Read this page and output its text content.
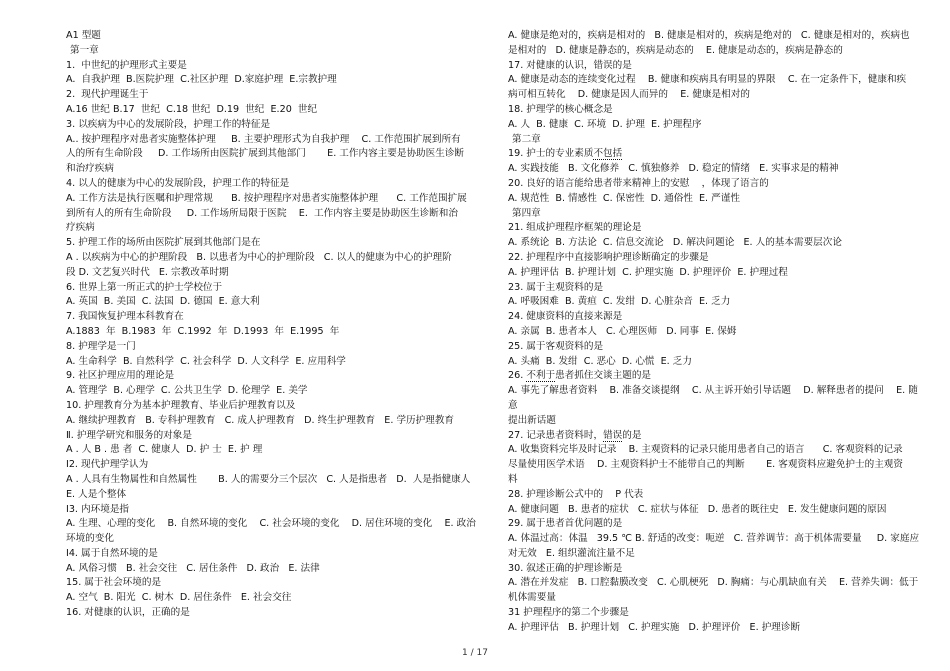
A1 型题
第一章
1.  中世纪的护理形式主要是
A.  自我护理  B.医院护理  C.社区护理  D.家庭护理  E.宗教护理
2.  现代护理诞生于
A.16 世纪 B.17  世纪  C.18 世纪  D.19  世纪  E.20  世纪
3. 以疾病为中心的发展阶段，护理工作的特征是
A.. 按护理程序对患者实施整体护理     B. 主要护理形式为自我护理    C. 工作范围扩展到所有
人的所有生命阶段     D. 工作场所由医院扩展到其他部门       E. 工作内容主要是协助医生诊断
和治疗疾病
4. 以人的健康为中心的发展阶段，护理工作的特征是
A. 工作方法是执行医嘱和护理常规      B. 按护理程序对患者实施整体护理      C. 工作范围扩展
到所有人的所有生命阶段     D. 工作场所局限于医院    E.  工作内容主要是协助医生诊断和治
疗疾病
5. 护理工作的场所由医院扩展到其他部门是在
A . 以疾病为中心的护理阶段   B. 以患者为中心的护理阶段   C. 以人的健康为中心的护理阶
段 D. 文艺复兴时代   E. 宗教改革时期
6. 世界上第一所正式的护士学校位于
A. 英国  B. 美国  C. 法国  D. 德国  E. 意大利
7. 我国恢复护理本科教育在
A.1883  年  B.1983  年  C.1992  年  D.1993  年  E.1995  年
8. 护理学是一门
A. 生命科学  B. 自然科学  C. 社会科学  D. 人文科学  E. 应用科学
9. 社区护理应用的理论是
A. 管理学  B. 心理学  C. 公共卫生学  D. 伦理学  E. 美学
10. 护理教育分为基本护理教育、毕业后护理教育以及
A. 继续护理教育   B. 专科护理教育   C. 成人护理教育   D. 终生护理教育   E. 学历护理教育
Ⅱ. 护理学研究和服务的对象是
A . 人 B . 患 者  C. 健康人  D. 护 士  E. 护 理
Ⅰ2. 现代护理学认为
A . 人具有生物属性和自然属性       B. 人的需要分三个层次   C. 人是指患者   D.  人是指健康人
E. 人是个整体
Ⅰ3. 内环境是指
A. 生理、心理的变化    B. 自然环境的变化    C. 社会环境的变化    D. 居住环境的变化    E. 政治
环境的变化
Ⅰ4. 属于自然环境的是
A. 风俗习惯   B. 社会交往   C. 居住条件   D. 政治   E. 法律
15. 属于社会环境的是
A. 空气  B. 阳光  C. 树木  D. 居住条件   E. 社会交往
16. 对健康的认识，正确的是
A. 健康是绝对的，疾病是相对的   B. 健康是相对的，疾病是绝对的   C. 健康是相对的，疾病也
是相对的   D. 健康是静态的，疾病是动态的    E. 健康是动态的，疾病是静态的
17. 对健康的认识，错误的是
A. 健康是动态的连续变化过程    B. 健康和疾病具有明显的界限    C. 在一定条件下，健康和疾
病可相互转化    D. 健康是因人而异的    E. 健康是相对的
18. 护理学的核心概念是
A. 人  B. 健康  C. 环境  D. 护理  E. 护理程序
第二章
19. 护士的专业素质不包括
A. 实践技能   B. 文化修养   C. 慎独修养   D. 稳定的情绪   E. 实事求是的精神
20. 良好的语言能给患者带来精神上的安慰    ，体现了语言的
A. 规范性  B. 情感性  C. 保密性  D. 通俗性  E. 严谨性
第四章
21. 组成护理程序框架的理论是
A. 系统论  B. 方法论  C. 信息交流论   D. 解决问题论   E. 人的基本需要层次论
22. 护理程序中直接影响护理诊断确定的步骤是
A. 护理评估  B. 护理计划  C. 护理实施  D. 护理评价  E. 护理过程
23. 属于主观资料的是
A. 呼吸困难  B. 黄疸  C. 发绀  D. 心脏杂音  E. 乏力
24. 健康资料的直接来源是
A. 亲属  B. 患者本人   C. 心理医师   D. 同事  E. 保姆
25. 属于客观资料的是
A. 头痛  B. 发绀  C. 恶心  D. 心慌  E. 乏力
26. 不利于患者抓住交谈主题的是
A. 事先了解患者资料    B. 准备交谈提纲    C. 从主诉开始引导话题    D. 解释患者的提问    E. 随意
提出新话题
27. 记录患者资料时，错误的是
A. 收集资料完毕及时记录    B. 主观资料的记录只能用患者自己的语言      C. 客观资料的记录
尽量使用医学术语    D. 主观资料护士不能带自己的判断       E. 客观资料应避免护士的主观资
料
28. 护理诊断公式中的    P 代表
A. 健康问题   B. 患者的症状   C. 症状与体征   D. 患者的既往史   E. 发生健康问题的原因
29. 属于患者首优问题的是
A. 体温过高：体温   39.5 ℃ B. 舒适的改变：呃逆   C. 营养调节：高于机体需要量     D. 家庭应
对无效   E. 组织灌流注量不足
30. 叙述正确的护理诊断是
A. 潜在并发症   B. 口腔黏膜改变   C. 心肌梗死   D. 胸痛：与心肌缺血有关    E. 营养失调：低于
机体需要量
31 护理程序的第二个步骤是
A. 护理评估   B. 护理计划   C. 护理实施   D. 护理评价   E. 护理诊断
1 / 17
